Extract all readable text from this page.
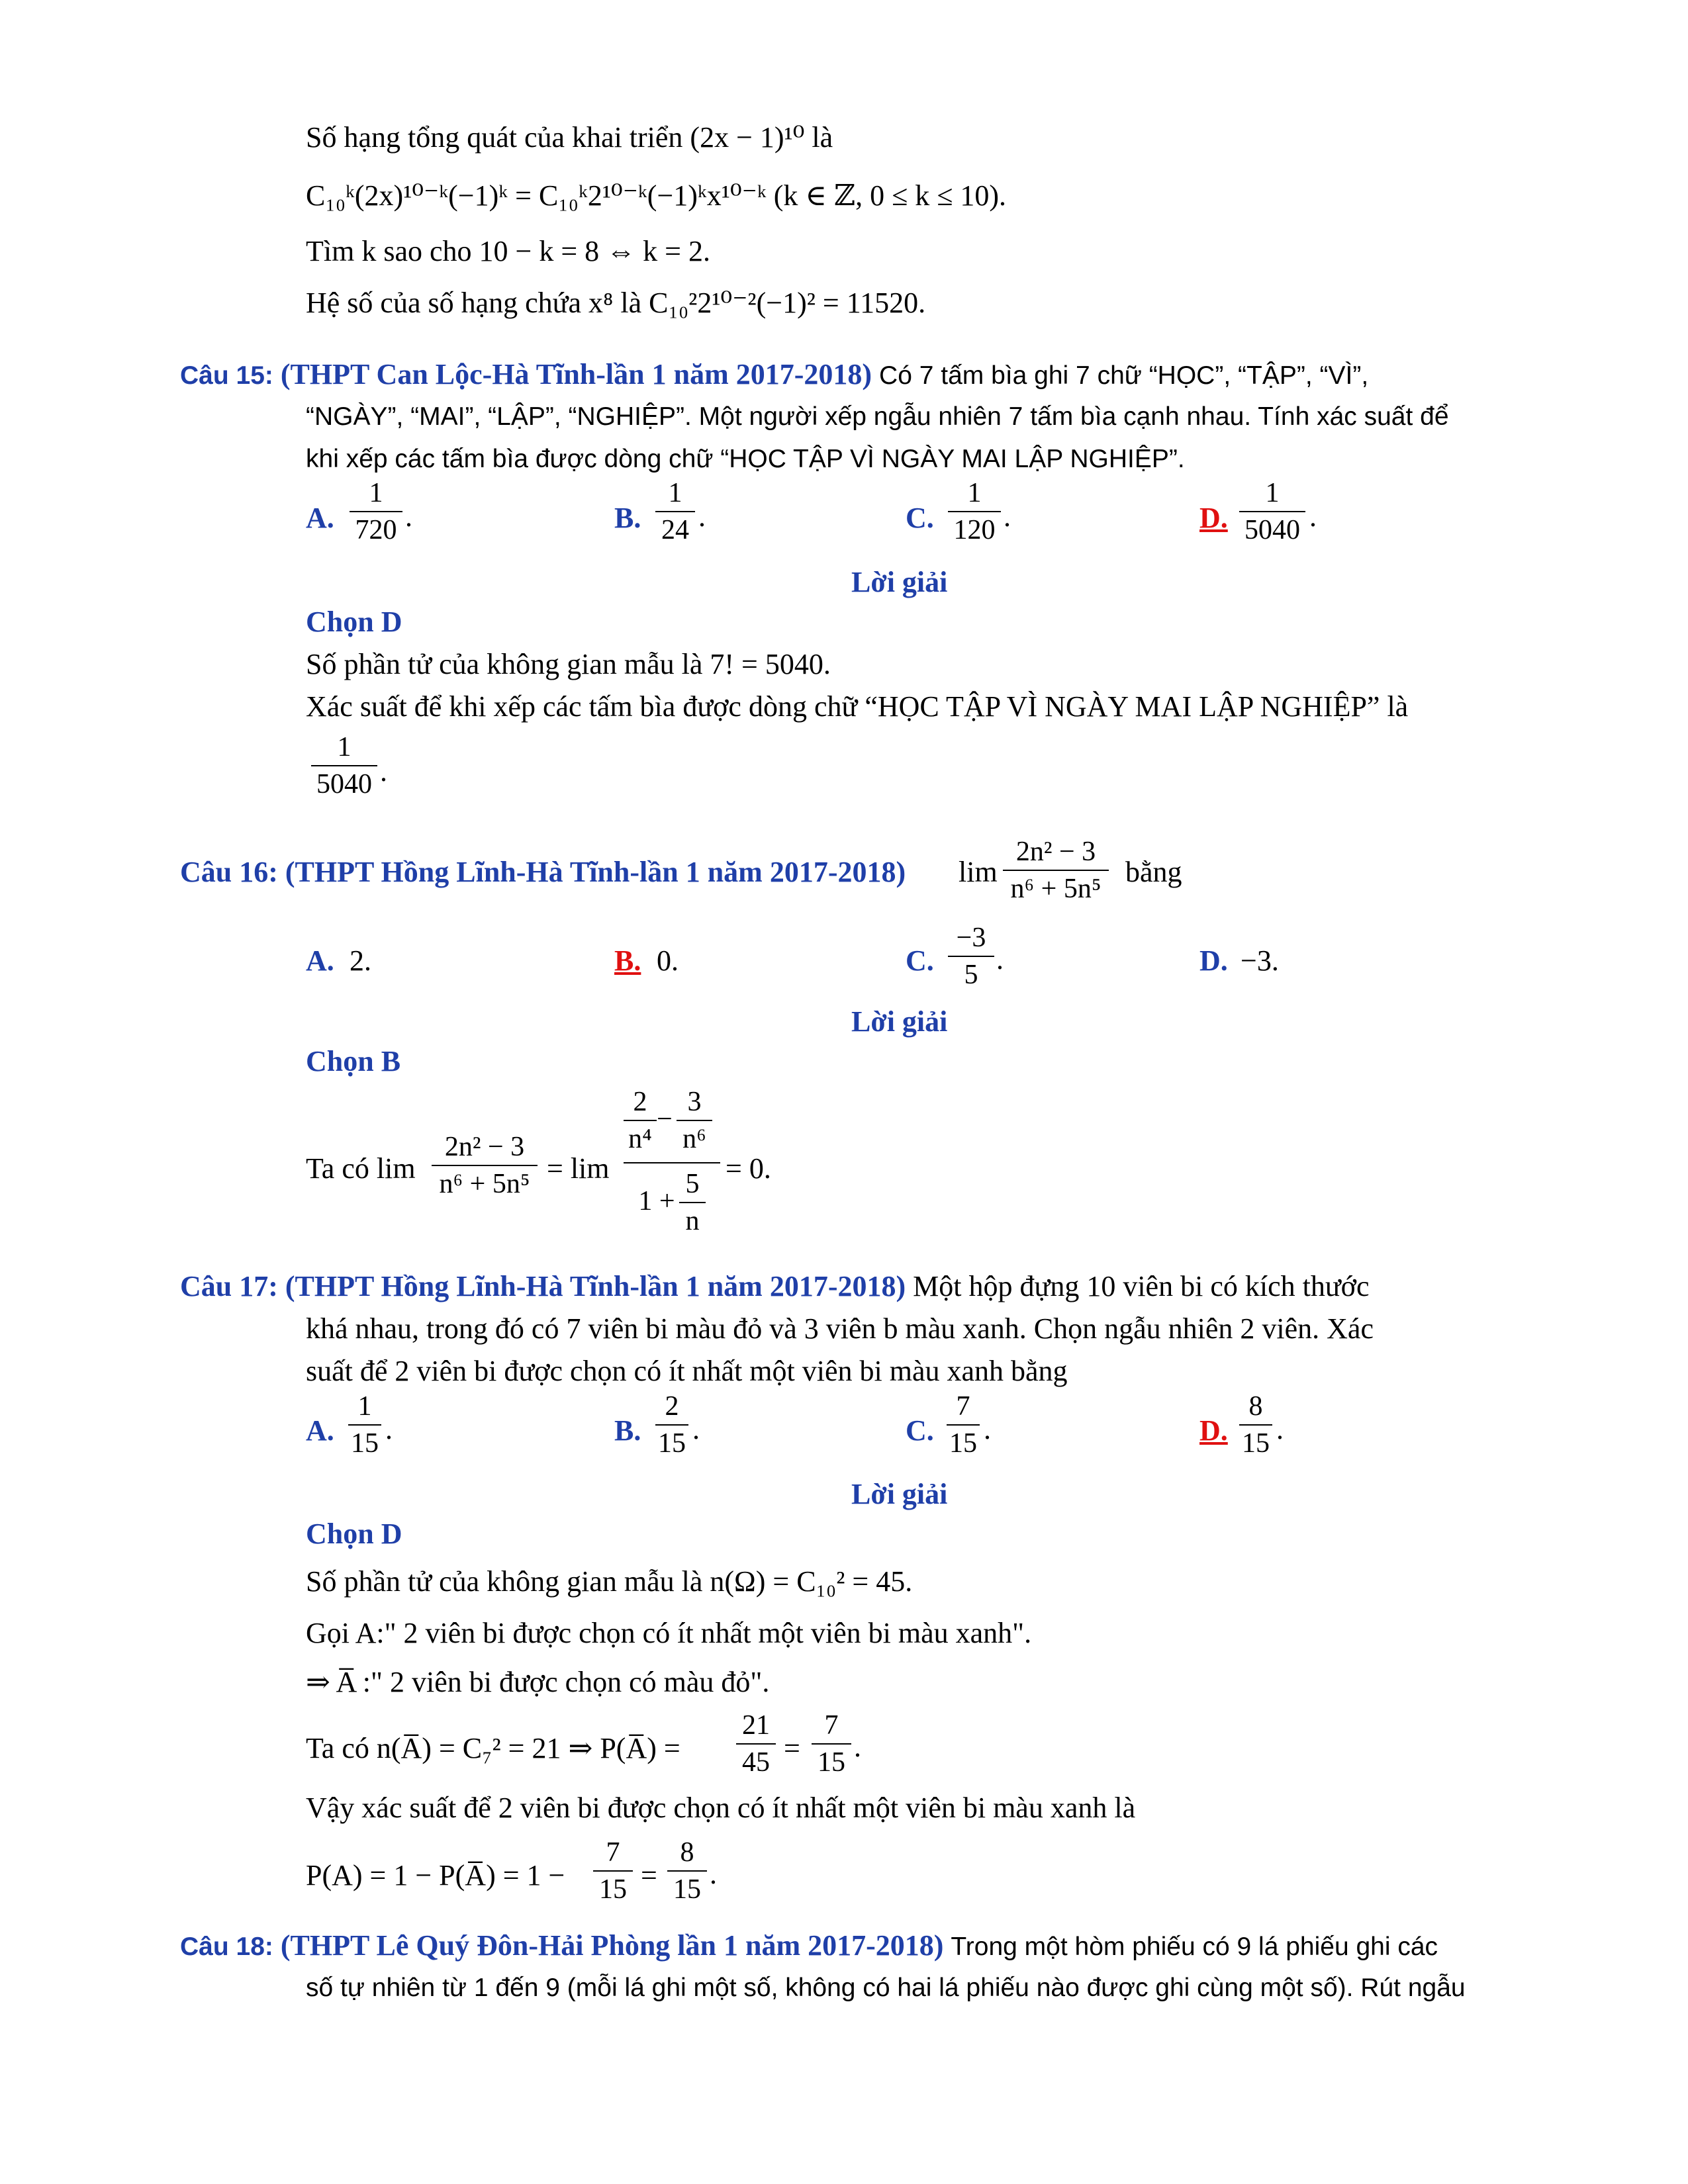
Số hạng tổng quát của khai triển (2x − 1)¹⁰ là
C₁₀ᵏ(2x)¹⁰⁻ᵏ(−1)ᵏ = C₁₀ᵏ2¹⁰⁻ᵏ(−1)ᵏx¹⁰⁻ᵏ (k ∈ ℤ, 0 ≤ k ≤ 10).
Tìm k sao cho 10 − k = 8 ⇔ k = 2.
Hệ số của số hạng chứa x⁸ là C₁₀²2¹⁰⁻²(−1)² = 11520.
Câu 15: (THPT Can Lộc-Hà Tĩnh-lần 1 năm 2017-2018) Có 7 tấm bìa ghi 7 chữ “HỌC”, “TẬP”, “VÌ”,
“NGÀY”, “MAI”, “LẬP”, “NGHIỆP”. Một người xếp ngẫu nhiên 7 tấm bìa cạnh nhau. Tính xác suất để
khi xếp các tấm bìa được dòng chữ “HỌC TẬP VÌ NGÀY MAI LẬP NGHIỆP”.
A.
1
720 .	B.
1
24 .	C.
1
120 .	D.
1
5040 .
Lời giải
Chọn D
Số phần tử của không gian mẫu là 7! = 5040.
Xác suất để khi xếp các tấm bìa được dòng chữ “HỌC TẬP VÌ NGÀY MAI LẬP NGHIỆP” là
1
5040 .
Câu 16: (THPT Hồng Lĩnh-Hà Tĩnh-lần 1 năm 2017-2018) lim
2n² − 3
n⁶ + 5n⁵
bằng
A. 2.	B. 0.	C.
−3
5 .	D. −3.
Lời giải
Chọn B
Ta có lim
2n² − 3
n⁶ + 5n⁵ = lim
2
n⁴
−
3
n⁶
1 +
5
n
= 0.
Câu 17: (THPT Hồng Lĩnh-Hà Tĩnh-lần 1 năm 2017-2018) Một hộp đựng 10 viên bi có kích thước
khá nhau, trong đó có 7 viên bi màu đỏ và 3 viên b màu xanh. Chọn ngẫu nhiên 2 viên. Xác
suất để 2 viên bi được chọn có ít nhất một viên bi màu xanh bằng
A.
1
15 .	B.
2
15 .	C.
7
15 .	D.
8
15 .
Lời giải
Chọn D
Số phần tử của không gian mẫu là n(Ω) = C₁₀² = 45.
Gọi A:" 2 viên bi được chọn có ít nhất một viên bi màu xanh".
⇒ A̅ :" 2 viên bi được chọn có màu đỏ".
Ta có n(A̅) = C₇² = 21 ⇒ P(A̅) =
21
45 =
7
15 .
Vậy xác suất để 2 viên bi được chọn có ít nhất một viên bi màu xanh là
P(A) = 1 − P(A̅) = 1 −
7
15 =
8
15 .
Câu 18: (THPT Lê Quý Đôn-Hải Phòng lần 1 năm 2017-2018) Trong một hòm phiếu có 9 lá phiếu ghi các
số tự nhiên từ 1 đến 9 (mỗi lá ghi một số, không có hai lá phiếu nào được ghi cùng một số). Rút ngẫu
